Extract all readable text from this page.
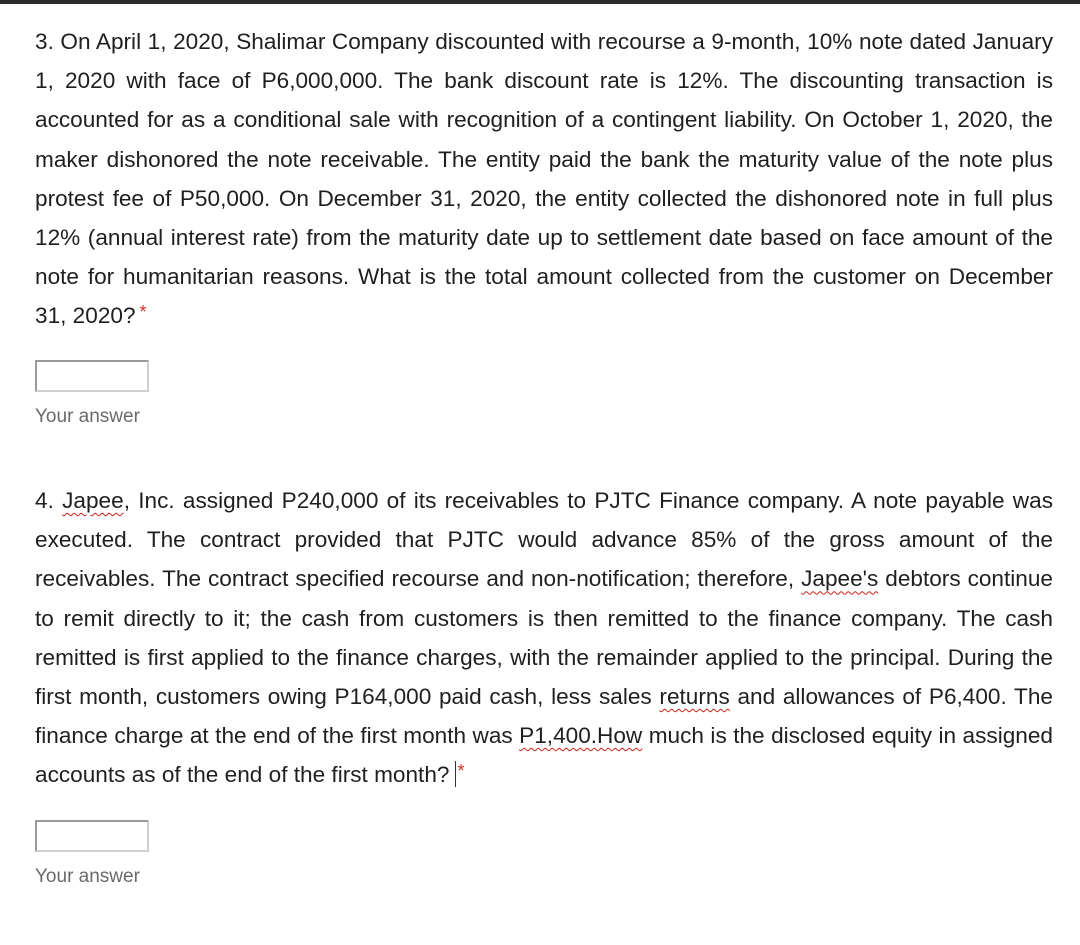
3. On April 1, 2020, Shalimar Company discounted with recourse a 9-month, 10% note dated January 1, 2020 with face of P6,000,000. The bank discount rate is 12%. The discounting transaction is accounted for as a conditional sale with recognition of a contingent liability. On October 1, 2020, the maker dishonored the note receivable. The entity paid the bank the maturity value of the note plus protest fee of P50,000. On December 31, 2020, the entity collected the dishonored note in full plus 12% (annual interest rate) from the maturity date up to settlement date based on face amount of the note for humanitarian reasons. What is the total amount collected from the customer on December 31, 2020? *

Your answer

4. Japee, Inc. assigned P240,000 of its receivables to PJTC Finance company. A note payable was executed. The contract provided that PJTC would advance 85% of the gross amount of the receivables. The contract specified recourse and non-notification; therefore, Japee's debtors continue to remit directly to it; the cash from customers is then remitted to the finance company. The cash remitted is first applied to the finance charges, with the remainder applied to the principal. During the first month, customers owing P164,000 paid cash, less sales returns and allowances of P6,400. The finance charge at the end of the first month was P1,400.How much is the disclosed equity in assigned accounts as of the end of the first month? *

Your answer
